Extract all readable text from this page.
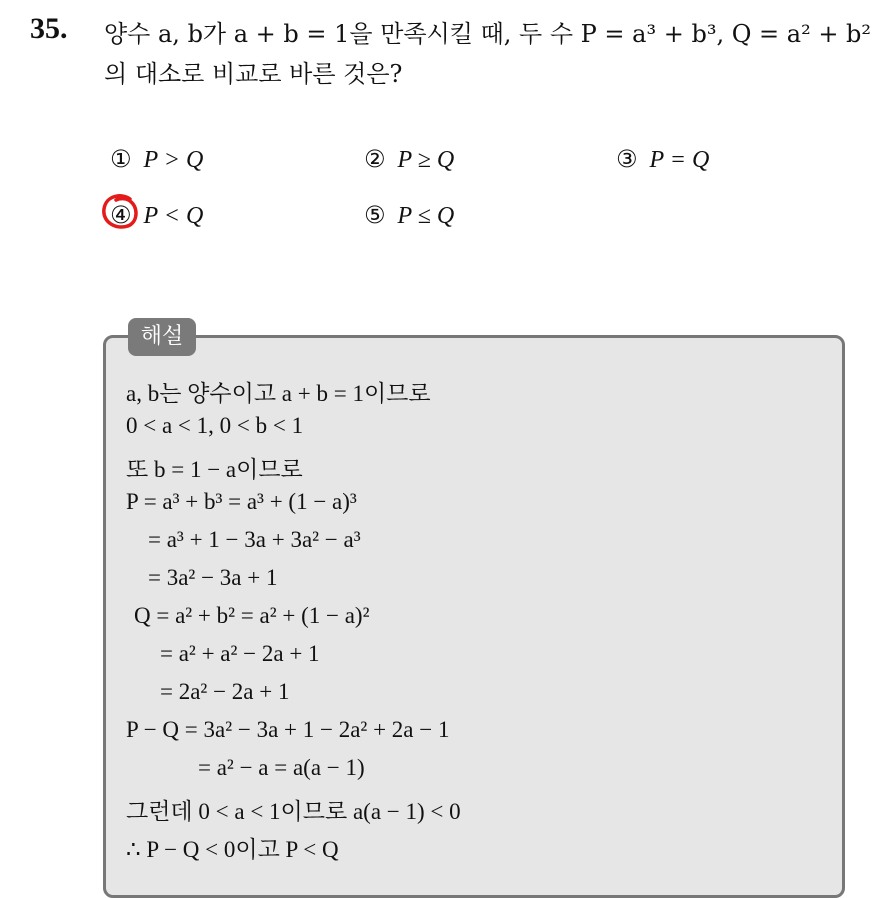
35. 양수 a, b가 a + b = 1을 만족시킬 때, 두 수 P = a³ + b³, Q = a² + b²
의 대소로 비교로 바른 것은?
① P > Q	② P ≥ Q	③ P = Q
④ P < Q	⑤ P ≤ Q
해설
a, b는 양수이고 a + b = 1이므로
0 < a < 1, 0 < b < 1
또 b = 1 − a이므로
P = a³ + b³ = a³ + (1 − a)³
= a³ + 1 − 3a + 3a² − a³
= 3a² − 3a + 1
Q = a² + b² = a² + (1 − a)²
= a² + a² − 2a + 1
= 2a² − 2a + 1
P − Q = 3a² − 3a + 1 − 2a² + 2a − 1
= a² − a = a(a − 1)
그런데 0 < a < 1이므로 a(a − 1) < 0
∴ P − Q < 0이고 P < Q
